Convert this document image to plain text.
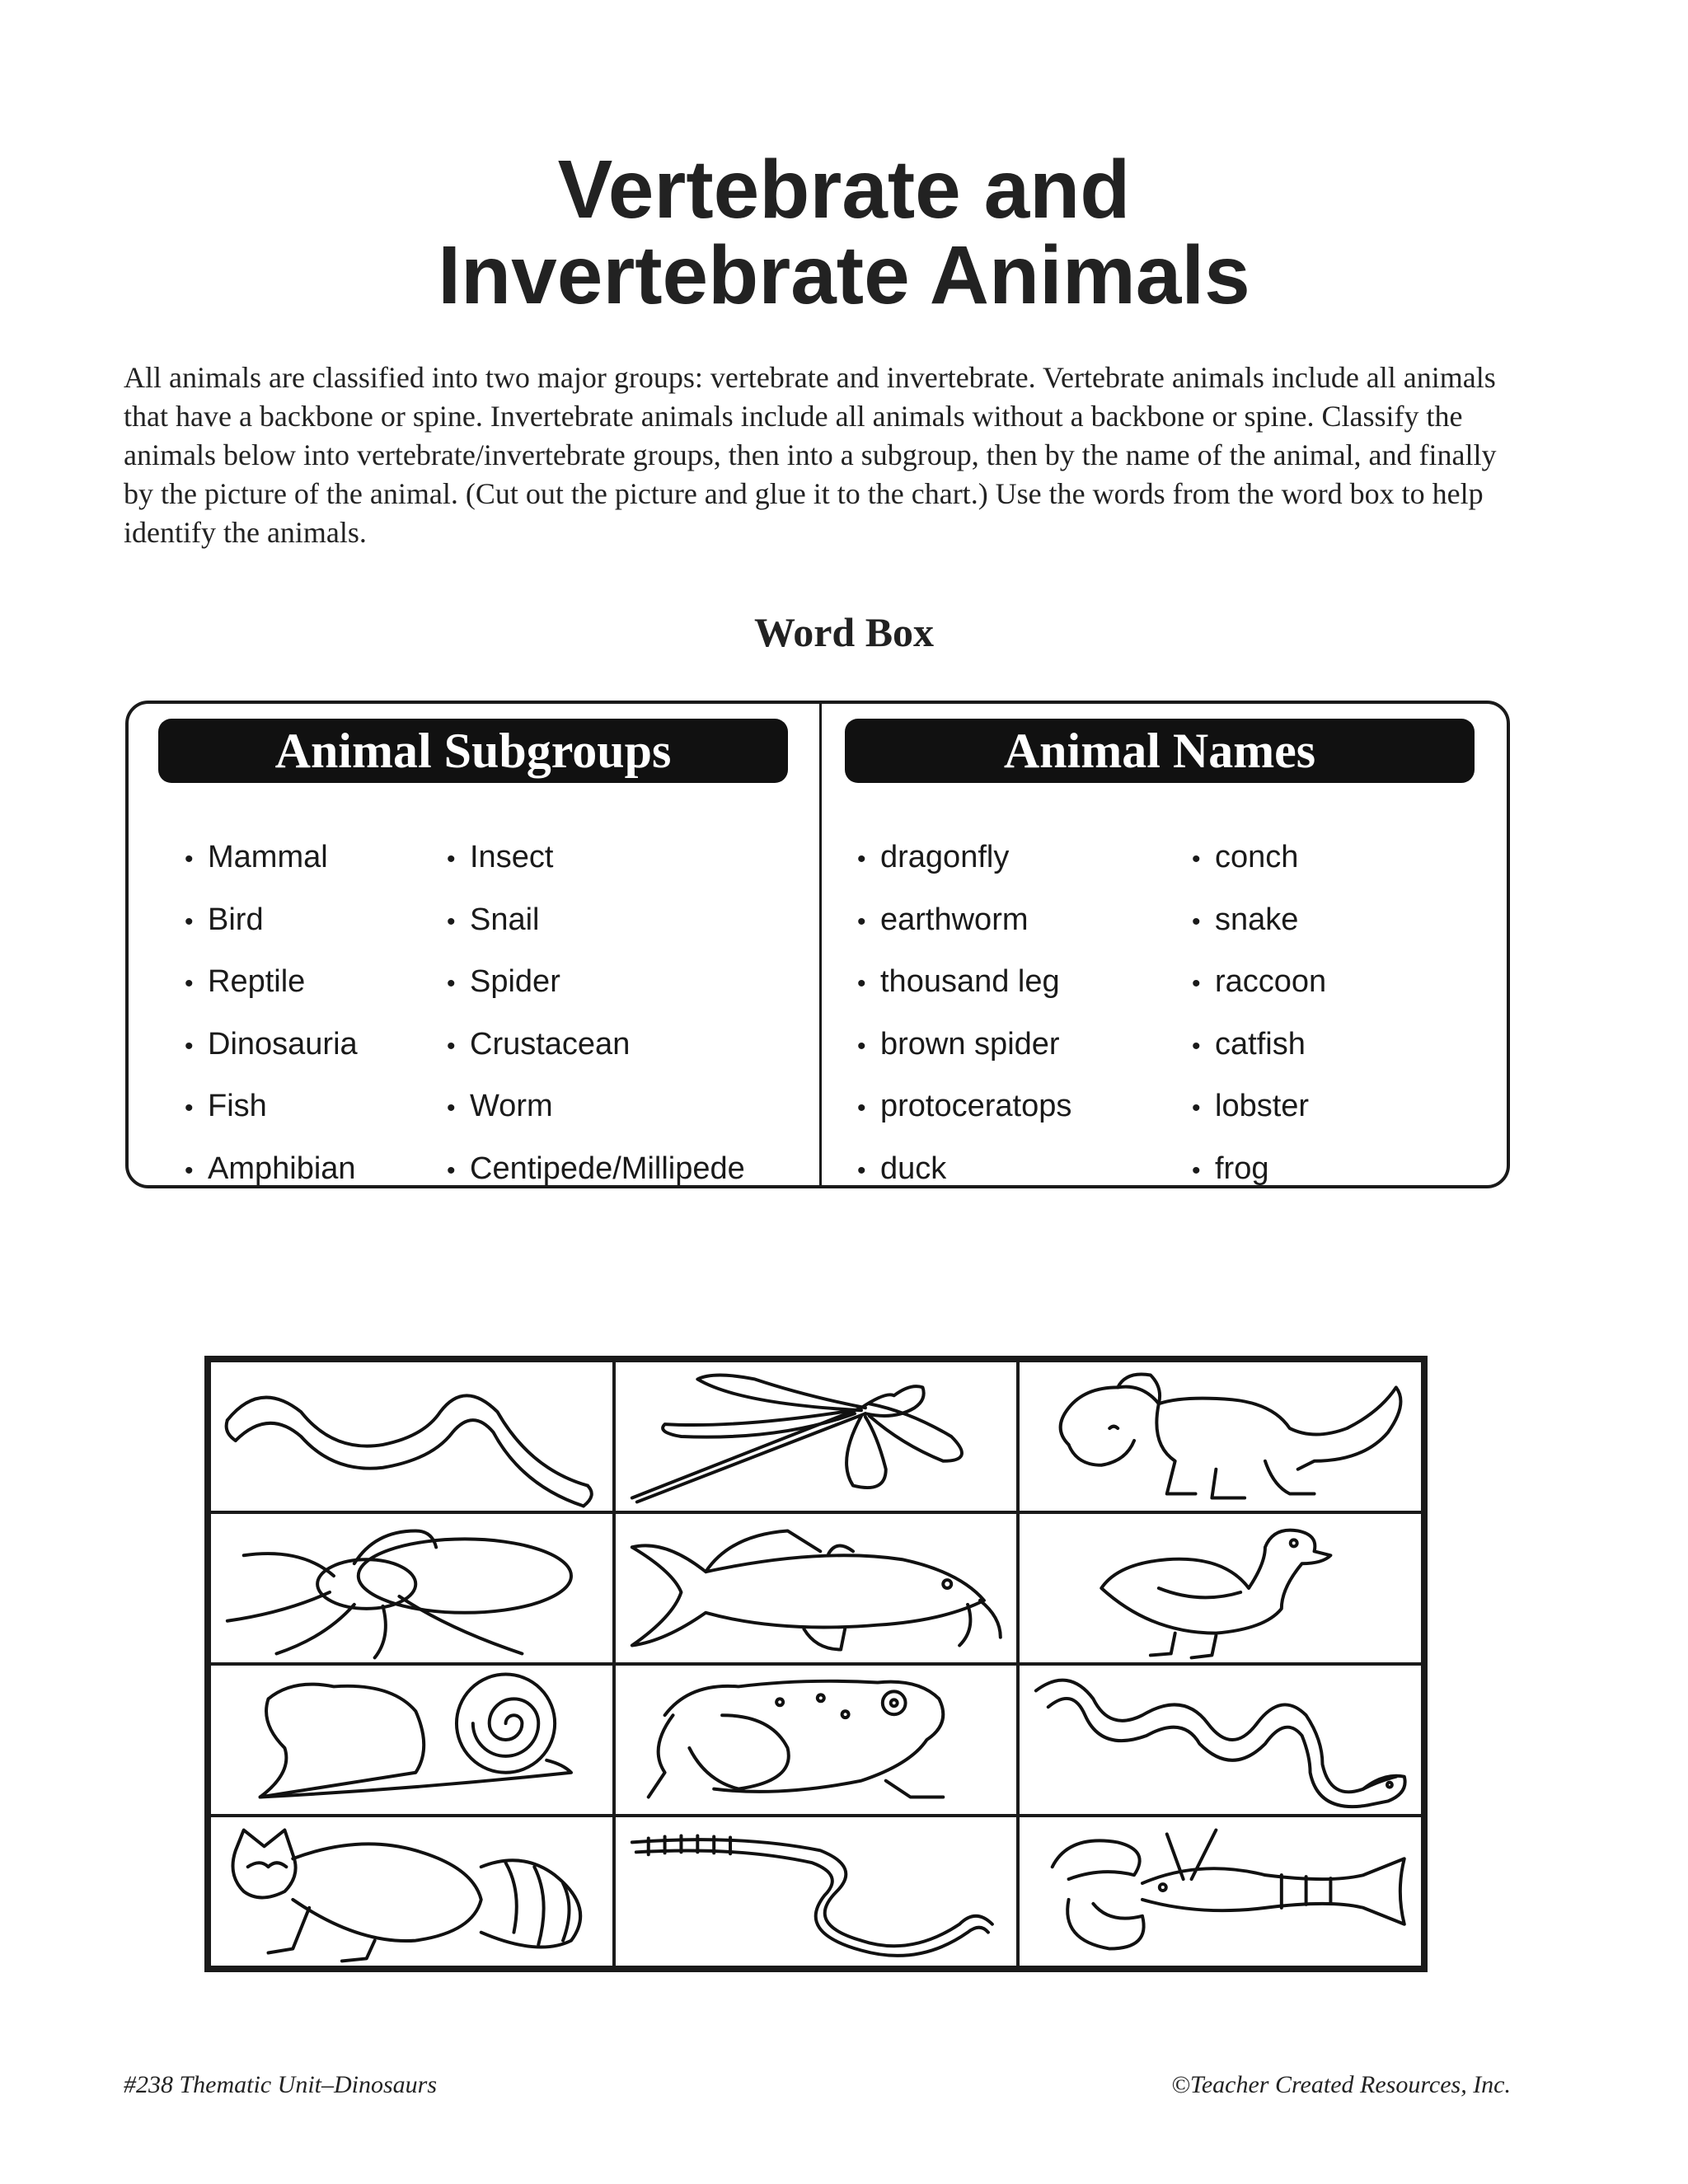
Vertebrate and
Invertebrate Animals

All animals are classified into two major groups: vertebrate and invertebrate. Vertebrate animals include all animals that have a backbone or spine. Invertebrate animals include all animals without a backbone or spine. Classify the animals below into vertebrate/invertebrate groups, then into a subgroup, then by the name of the animal, and finally by the picture of the animal. (Cut out the picture and glue it to the chart.) Use the words from the word box to help identify the animals.

Word Box
Animal Subgroups
• Mammal
• Bird
• Reptile
• Dinosauria
• Fish
• Amphibian
• Insect
• Snail
• Spider
• Crustacean
• Worm
• Centipede/Millipede
Animal Names
• dragonfly
• earthworm
• thousand leg
• brown spider
• protoceratops
• duck
• conch
• snake
• raccoon
• catfish
• lobster
• frog

#238 Thematic Unit–Dinosaurs	©Teacher Created Resources, Inc.
